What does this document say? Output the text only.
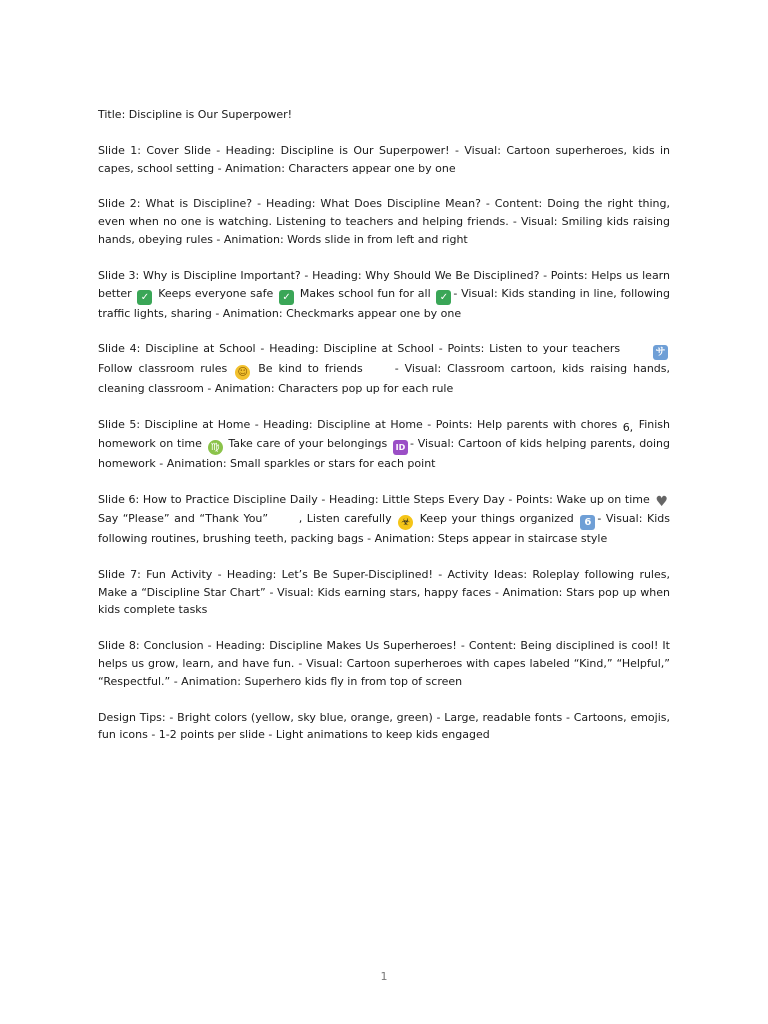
Title: Discipline is Our Superpower!

Slide 1: Cover Slide - Heading: Discipline is Our Superpower! - Visual: Cartoon superheroes, kids in capes, school setting - Animation: Characters appear one by one

Slide 2: What is Discipline? - Heading: What Does Discipline Mean? - Content: Doing the right thing, even when no one is watching. Listening to teachers and helping friends. - Visual: Smiling kids raising hands, obeying rules - Animation: Words slide in from left and right

Slide 3: Why is Discipline Important? - Heading: Why Should We Be Disciplined? - Points: Helps us learn better ✓ Keeps everyone safe ✓ Makes school fun for all ✓ - Visual: Kids standing in line, following traffic lights, sharing - Animation: Checkmarks appear one by one

Slide 4: Discipline at School - Heading: Discipline at School - Points: Listen to your teachers	サ Follow classroom rules ☺ Be kind to friends	- Visual: Classroom cartoon, kids raising hands, cleaning classroom - Animation: Characters pop up for each rule

Slide 5: Discipline at Home - Heading: Discipline at Home - Points: Help parents with chores 6, Finish homework on time ♍ Take care of your belongings ID - Visual: Cartoon of kids helping parents, doing homework - Animation: Small sparkles or stars for each point

Slide 6: How to Practice Discipline Daily - Heading: Little Steps Every Day - Points: Wake up on time ♥ Say “Please” and “Thank You”	, Listen carefully ☣ Keep your things organized 6 - Visual: Kids following routines, brushing teeth, packing bags - Animation: Steps appear in staircase style

Slide 7: Fun Activity - Heading: Let’s Be Super-Disciplined! - Activity Ideas: Roleplay following rules, Make a “Discipline Star Chart” - Visual: Kids earning stars, happy faces - Animation: Stars pop up when kids complete tasks

Slide 8: Conclusion - Heading: Discipline Makes Us Superheroes! - Content: Being disciplined is cool! It helps us grow, learn, and have fun. - Visual: Cartoon superheroes with capes labeled “Kind,” “Helpful,” “Respectful.” - Animation: Superhero kids fly in from top of screen

Design Tips: - Bright colors (yellow, sky blue, orange, green) - Large, readable fonts - Cartoons, emojis, fun icons - 1-2 points per slide - Light animations to keep kids engaged

1
